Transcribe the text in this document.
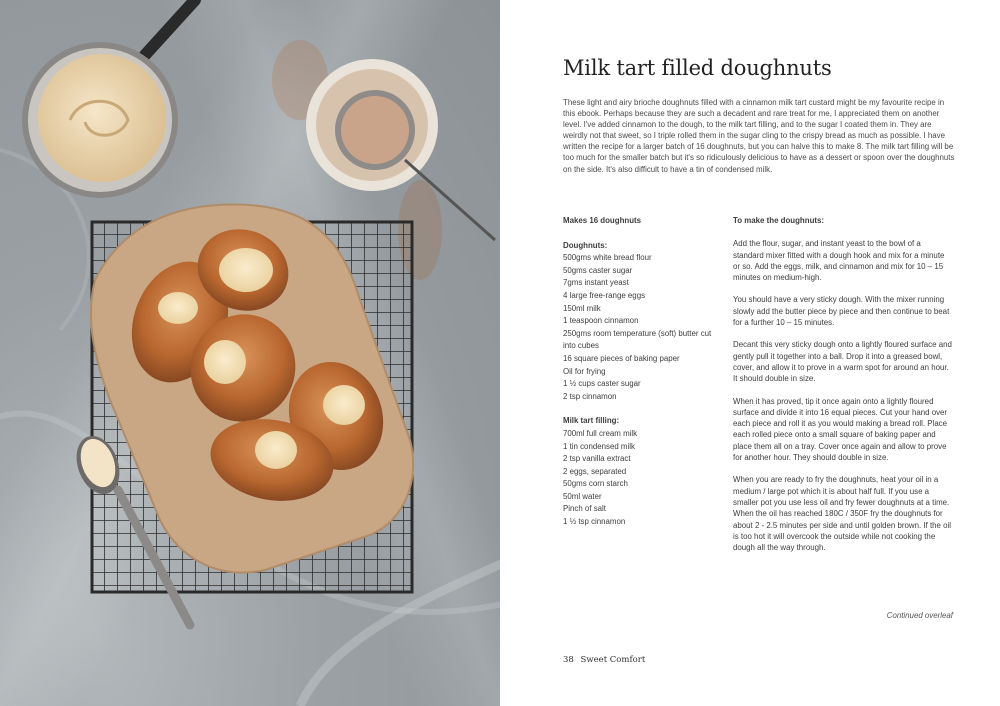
Milk tart filled doughnuts

These light and airy brioche doughnuts filled with a cinnamon milk tart custard might be my favourite recipe in this ebook. Perhaps because they are such a decadent and rare treat for me, I appreciated them on another level. I've added cinnamon to the dough, to the milk tart filling, and to the sugar I coated them in. They are weirdly not that sweet, so I triple rolled them in the sugar cling to the crispy bread as much as possible. I have written the recipe for a larger batch of 16 doughnuts, but you can halve this to make 8. The milk tart filling will be too much for the smaller batch but it's so ridiculously delicious to have as a dessert or spoon over the doughnuts on the side. It's also difficult to have a tin of condensed milk.

Makes 16 doughnuts
Doughnuts:
500gms white bread flour
50gms caster sugar
7gms instant yeast
4 large free-range eggs
150ml milk
1 teaspoon cinnamon
250gms room temperature (soft) butter cut into cubes
16 square pieces of baking paper
Oil for frying
1 ½ cups caster sugar
2 tsp cinnamon
Milk tart filling:
700ml full cream milk
1 tin condensed milk
2 tsp vanilla extract
2 eggs, separated
50gms corn starch
50ml water
Pinch of salt
1 ½ tsp cinnamon
To make the doughnuts:

Add the flour, sugar, and instant yeast to the bowl of a standard mixer fitted with a dough hook and mix for a minute or so. Add the eggs, milk, and cinnamon and mix for 10 – 15 minutes on medium-high.

You should have a very sticky dough. With the mixer running slowly add the butter piece by piece and then continue to beat for a further 10 – 15 minutes.

Decant this very sticky dough onto a lightly floured surface and gently pull it together into a ball. Drop it into a greased bowl, cover, and allow it to prove in a warm spot for around an hour. It should double in size.

When it has proved, tip it once again onto a lightly floured surface and divide it into 16 equal pieces. Cut your hand over each piece and roll it as you would making a bread roll. Place each rolled piece onto a small square of baking paper and place them all on a tray. Cover once again and allow to prove for another hour. They should double in size.

When you are ready to fry the doughnuts, heat your oil in a medium / large pot which it is about half full. If you use a smaller pot you use less oil and fry fewer doughnuts at a time. When the oil has reached 180C / 350F fry the doughnuts for about 2 - 2.5 minutes per side and until golden brown. If the oil is too hot it will overcook the outside while not cooking the dough all the way through.

Continued overleaf

38 Sweet Comfort
